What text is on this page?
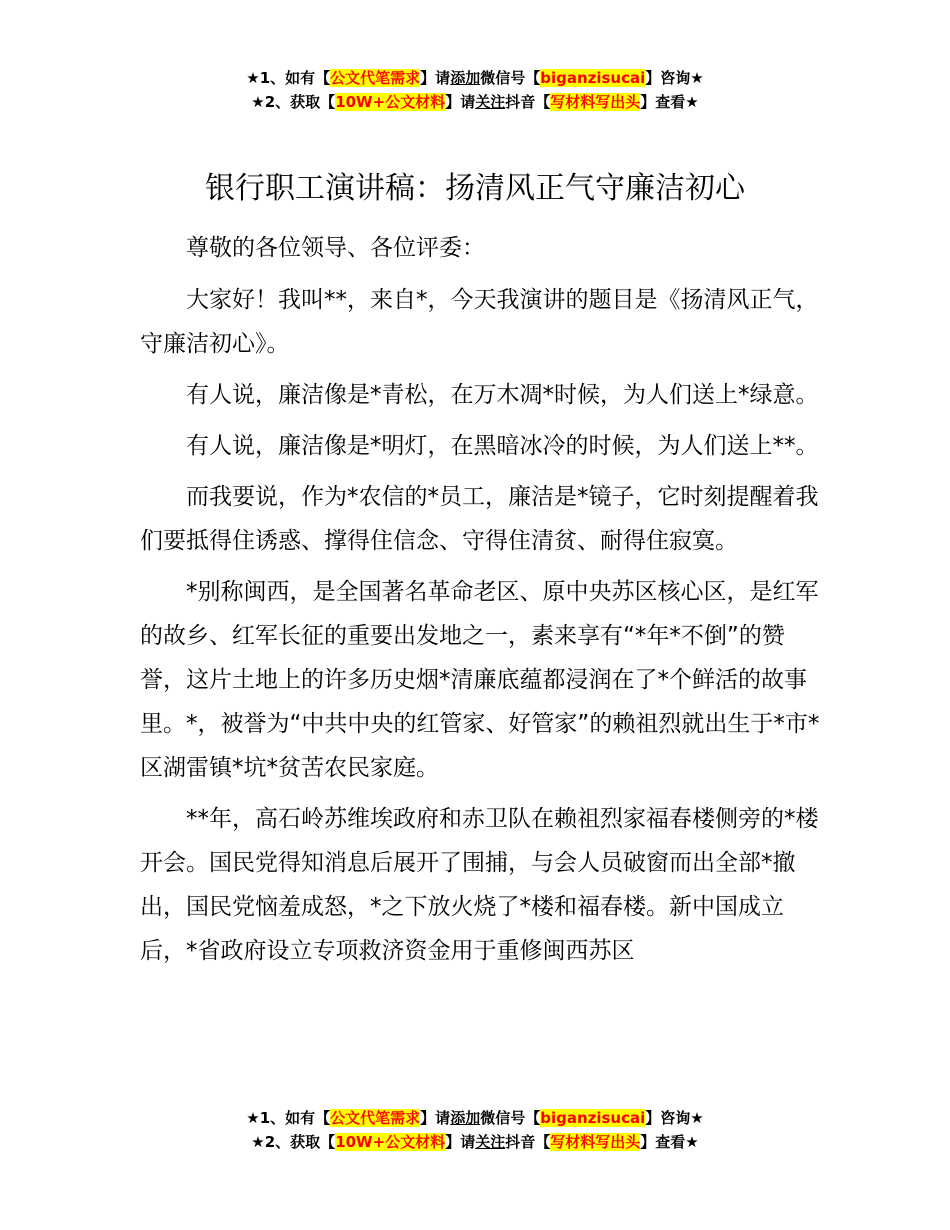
★1、如有【公文代笔需求】请添加微信号【biganzisucai】咨询★
★2、获取【10W+公文材料】请关注抖音【写材料写出头】查看★
银行职工演讲稿：扬清风正气守廉洁初心

尊敬的各位领导、各位评委：

大家好！我叫**，来自*，今天我演讲的题目是《扬清风正气，守廉洁初心》。

有人说，廉洁像是*青松，在万木凋*时候，为人们送上*绿意。

有人说，廉洁像是*明灯，在黑暗冰冷的时候，为人们送上**。

而我要说，作为*农信的*员工，廉洁是*镜子，它时刻提醒着我们要抵得住诱惑、撑得住信念、守得住清贫、耐得住寂寞。

*别称闽西，是全国著名革命老区、原中央苏区核心区，是红军的故乡、红军长征的重要出发地之一，素来享有“*年*不倒”的赞誉，这片土地上的许多历史烟*清廉底蕴都浸润在了*个鲜活的故事里。*，被誉为“中共中央的红管家、好管家”的赖祖烈就出生于*市*区湖雷镇*坑*贫苦农民家庭。

**年，高石岭苏维埃政府和赤卫队在赖祖烈家福春楼侧旁的*楼开会。国民党得知消息后展开了围捕，与会人员破窗而出全部*撤出，国民党恼羞成怒，*之下放火烧了*楼和福春楼。新中国成立后，*省政府设立专项救济资金用于重修闽西苏区

★1、如有【公文代笔需求】请添加微信号【biganzisucai】咨询★
★2、获取【10W+公文材料】请关注抖音【写材料写出头】查看★
